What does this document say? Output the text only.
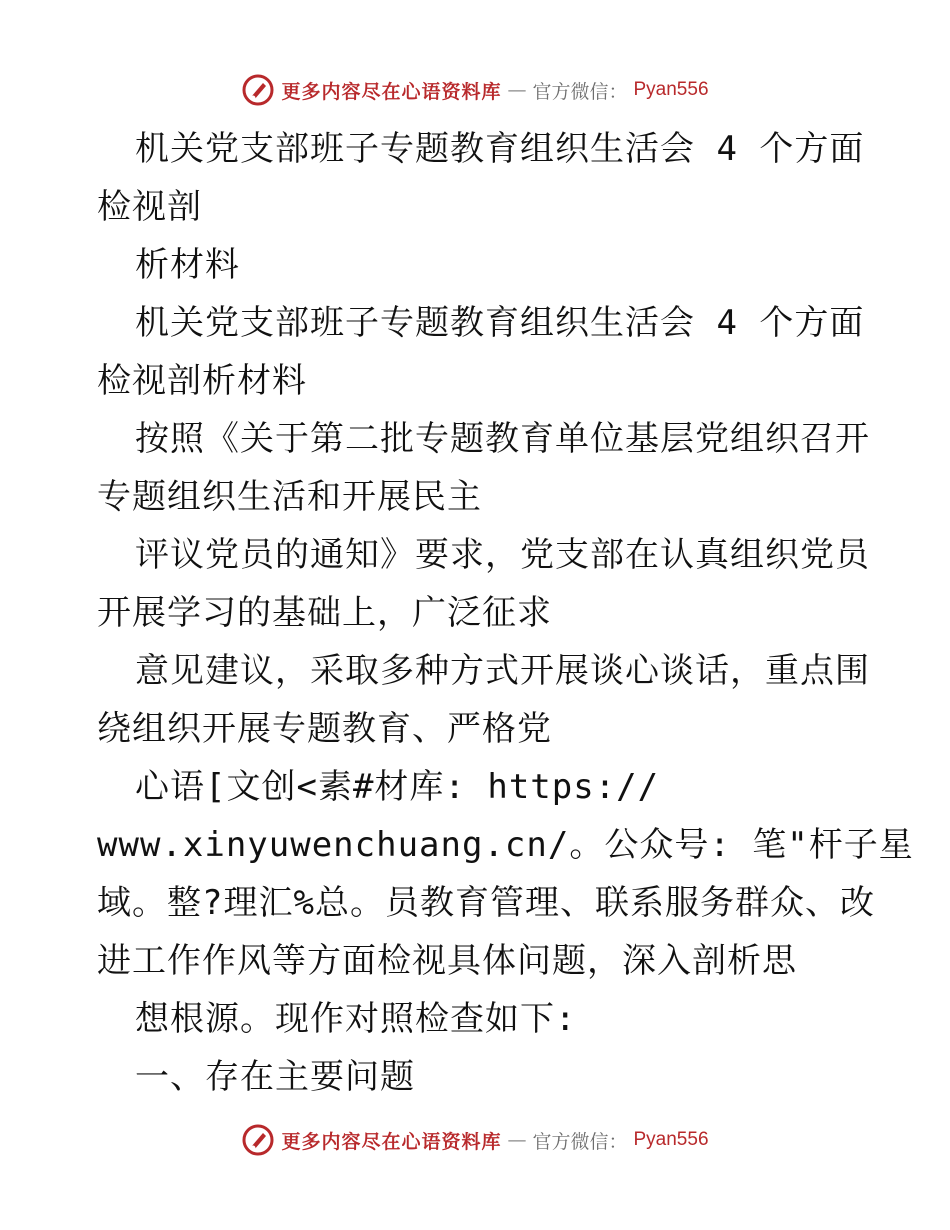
更多内容尽在心语资料库 — 官方微信： Pyan556
机关党支部班子专题教育组织生活会 4 个方面
检视剖
析材料
机关党支部班子专题教育组织生活会 4 个方面
检视剖析材料
按照《关于第二批专题教育单位基层党组织召开
专题组织生活和开展民主
评议党员的通知》要求，党支部在认真组织党员
开展学习的基础上，广泛征求
意见建议，采取多种方式开展谈心谈话，重点围
绕组织开展专题教育、严格党
心语[文创<素#材库: https://
www.xinyuwenchuang.cn/。公众号: 笔"杆子星
域。整?理汇%总。员教育管理、联系服务群众、改
进工作作风等方面检视具体问题，深入剖析思
想根源。现作对照检查如下:
一、存在主要问题
更多内容尽在心语资料库 — 官方微信： Pyan556
